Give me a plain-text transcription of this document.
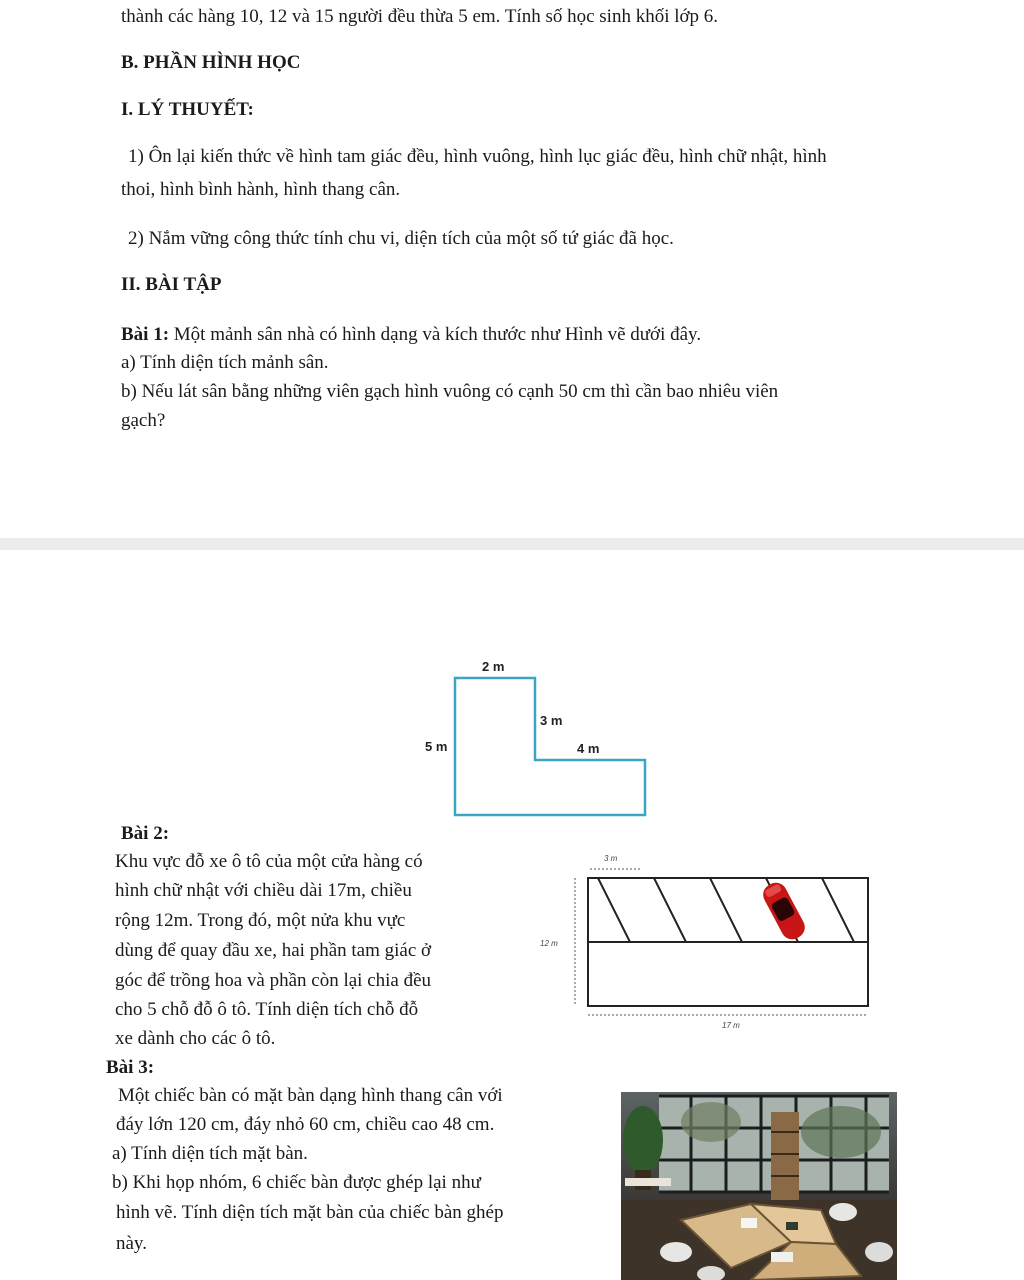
thành các hàng 10, 12 và 15 người đều thừa 5 em. Tính số học sinh khối lớp 6.
B. PHẦN HÌNH HỌC
I. LÝ THUYẾT:
1) Ôn lại kiến thức về hình tam giác đều, hình vuông, hình lục giác đều, hình chữ nhật, hình
thoi, hình bình hành, hình thang cân.
2) Nắm vững công thức tính chu vi, diện tích của một số tứ giác đã học.
II. BÀI TẬP
Bài 1: Một mảnh sân nhà có hình dạng và kích thước như Hình vẽ dưới đây.
a) Tính diện tích mảnh sân.
b) Nếu lát sân bằng những viên gạch hình vuông có cạnh 50 cm thì cần bao nhiêu viên
gạch?
2 m
5 m
3 m
4 m
Bài 2:
Khu vực đỗ xe ô tô của một cửa hàng có
hình chữ nhật với chiều dài 17m, chiều
rộng 12m. Trong đó, một nửa khu vực
dùng để quay đầu xe, hai phần tam giác ở
góc để trồng hoa và phần còn lại chia đều
cho 5 chỗ đỗ ô tô. Tính diện tích chỗ đỗ
xe dành cho các ô tô.
3 m
12 m
17 m
Bài 3:
Một chiếc bàn có mặt bàn dạng hình thang cân với
đáy lớn 120 cm, đáy nhỏ 60 cm, chiều cao 48 cm.
a) Tính diện tích mặt bàn.
b) Khi họp nhóm, 6 chiếc bàn được ghép lại như
hình vẽ. Tính diện tích mặt bàn của chiếc bàn ghép
này.
